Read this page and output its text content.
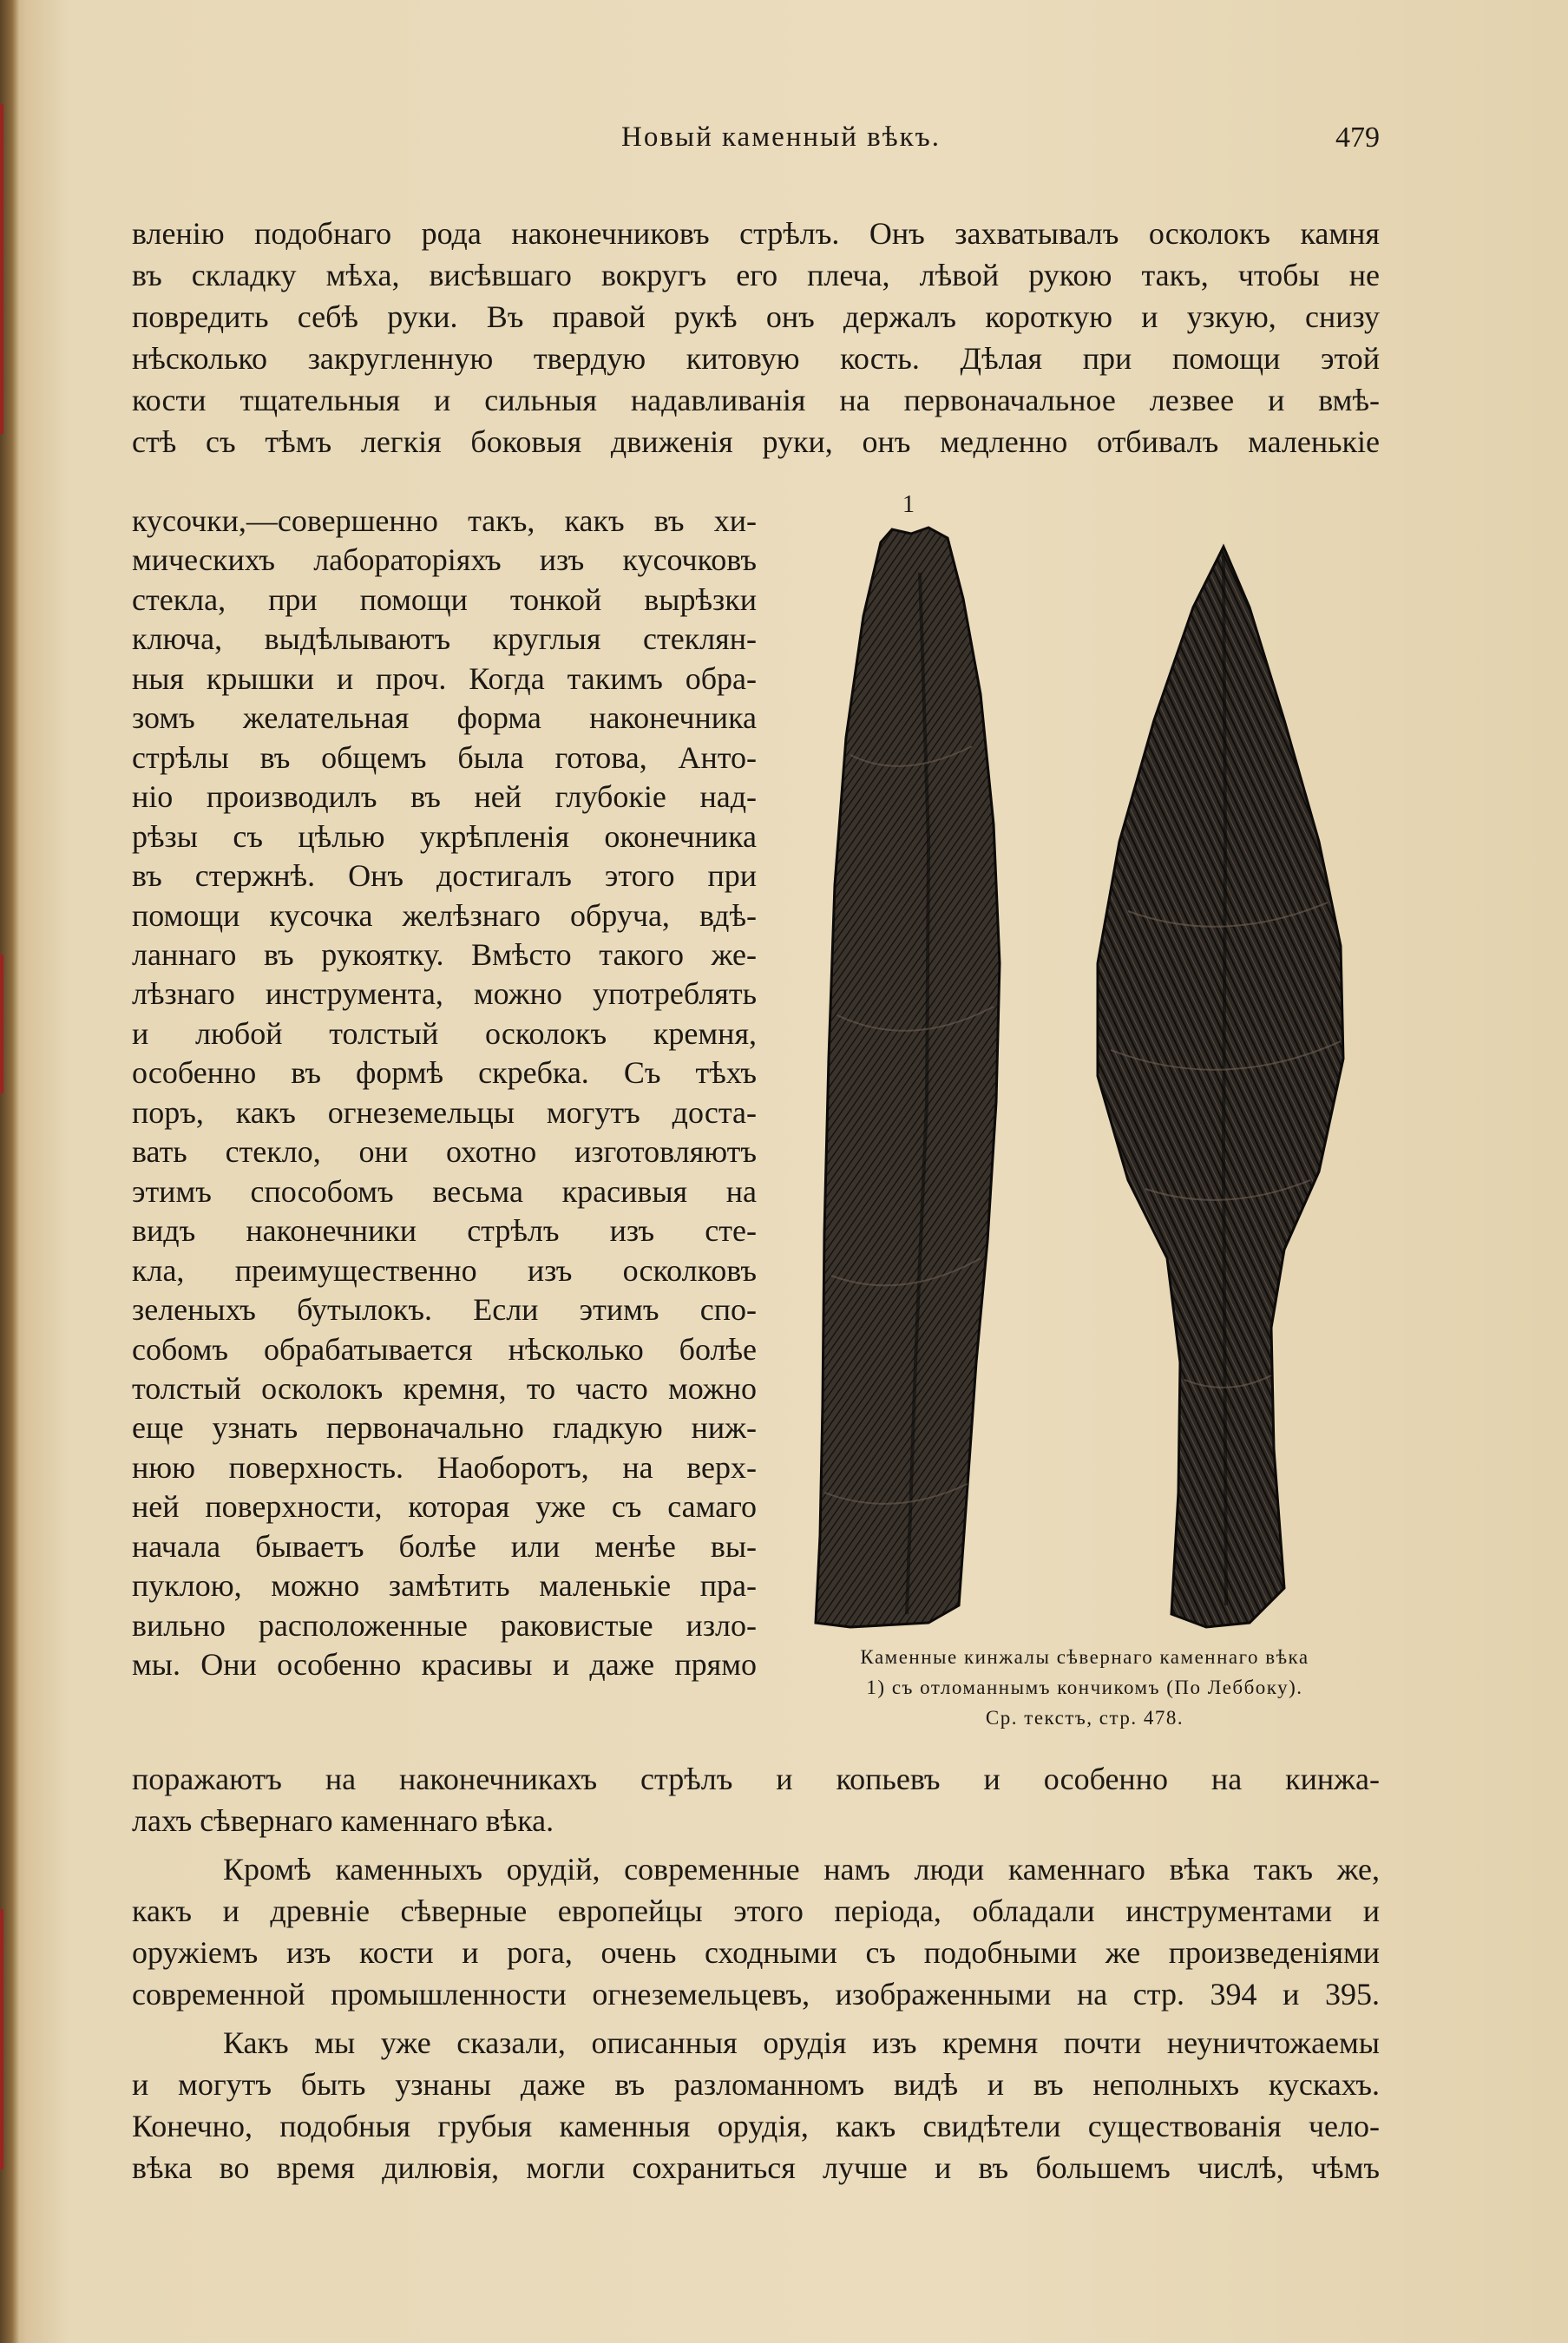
Новый каменный вѣкъ.	479

вленію подобнаго рода наконечниковъ стрѣлъ. Онъ захватывалъ осколокъ камня

въ складку мѣха, висѣвшаго вокругъ его плеча, лѣвой рукою такъ, чтобы не

повредить себѣ руки. Въ правой рукѣ онъ держалъ короткую и узкую, снизу

нѣсколько закругленную твердую китовую кость. Дѣлая при помощи этой

кости тщательныя и сильныя надавливанія на первоначальное лезвее и вмѣ-

стѣ съ тѣмъ легкія боковыя движенія руки, онъ медленно отбивалъ маленькіе

кусочки,—совершенно такъ, какъ въ хи-

мическихъ лабораторіяхъ изъ кусочковъ

стекла, при помощи тонкой вырѣзки

ключа, выдѣлываютъ круглыя стеклян-

ныя крышки и проч. Когда такимъ обра-

зомъ желательная форма наконечника

стрѣлы въ общемъ была готова, Анто-

ніо производилъ въ ней глубокіе над-

рѣзы съ цѣлью укрѣпленія оконечника

въ стержнѣ. Онъ достигалъ этого при

помощи кусочка желѣзнаго обруча, вдѣ-

ланнаго въ рукоятку. Вмѣсто такого же-

лѣзнаго инструмента, можно употреблять

и любой толстый осколокъ кремня,

особенно въ формѣ скребка. Съ тѣхъ

поръ, какъ огнеземельцы могутъ доста-

вать стекло, они охотно изготовляютъ

этимъ способомъ весьма красивыя на

видъ наконечники стрѣлъ изъ сте-

кла, преимущественно изъ осколковъ

зеленыхъ бутылокъ. Если этимъ спо-

собомъ обрабатывается нѣсколько болѣе

толстый осколокъ кремня, то часто можно

еще узнать первоначально гладкую ниж-

нюю поверхность. Наоборотъ, на верх-

ней поверхности, которая уже съ самаго

начала бываетъ болѣе или менѣе вы-

пуклою, можно замѣтить маленькіе пра-

вильно расположенные раковистые изло-

мы. Они особенно красивы и даже прямо

поражаютъ на наконечникахъ стрѣлъ и копьевъ и особенно на кинжа-

лахъ сѣвернаго каменнаго вѣка.

Кромѣ каменныхъ орудій, современные намъ люди каменнаго вѣка такъ же,

какъ и древніе сѣверные европейцы этого періода, обладали инструментами и

оружіемъ изъ кости и рога, очень сходными съ подобными же произведеніями

современной промышленности огнеземельцевъ, изображенными на стр. 394 и 395.

Какъ мы уже сказали, описанныя орудія изъ кремня почти неуничтожаемы

и могутъ быть узнаны даже въ разломанномъ видѣ и въ неполныхъ кускахъ.

Конечно, подобныя грубыя каменныя орудія, какъ свидѣтели существованія чело-

вѣка во время дилювія, могли сохраниться лучше и въ большемъ числѣ, чѣмъ

1
Каменные кинжалы сѣвернаго каменнаго вѣка
1) съ отломаннымъ кончикомъ (По Леббоку).
Ср. текстъ, стр. 478.
